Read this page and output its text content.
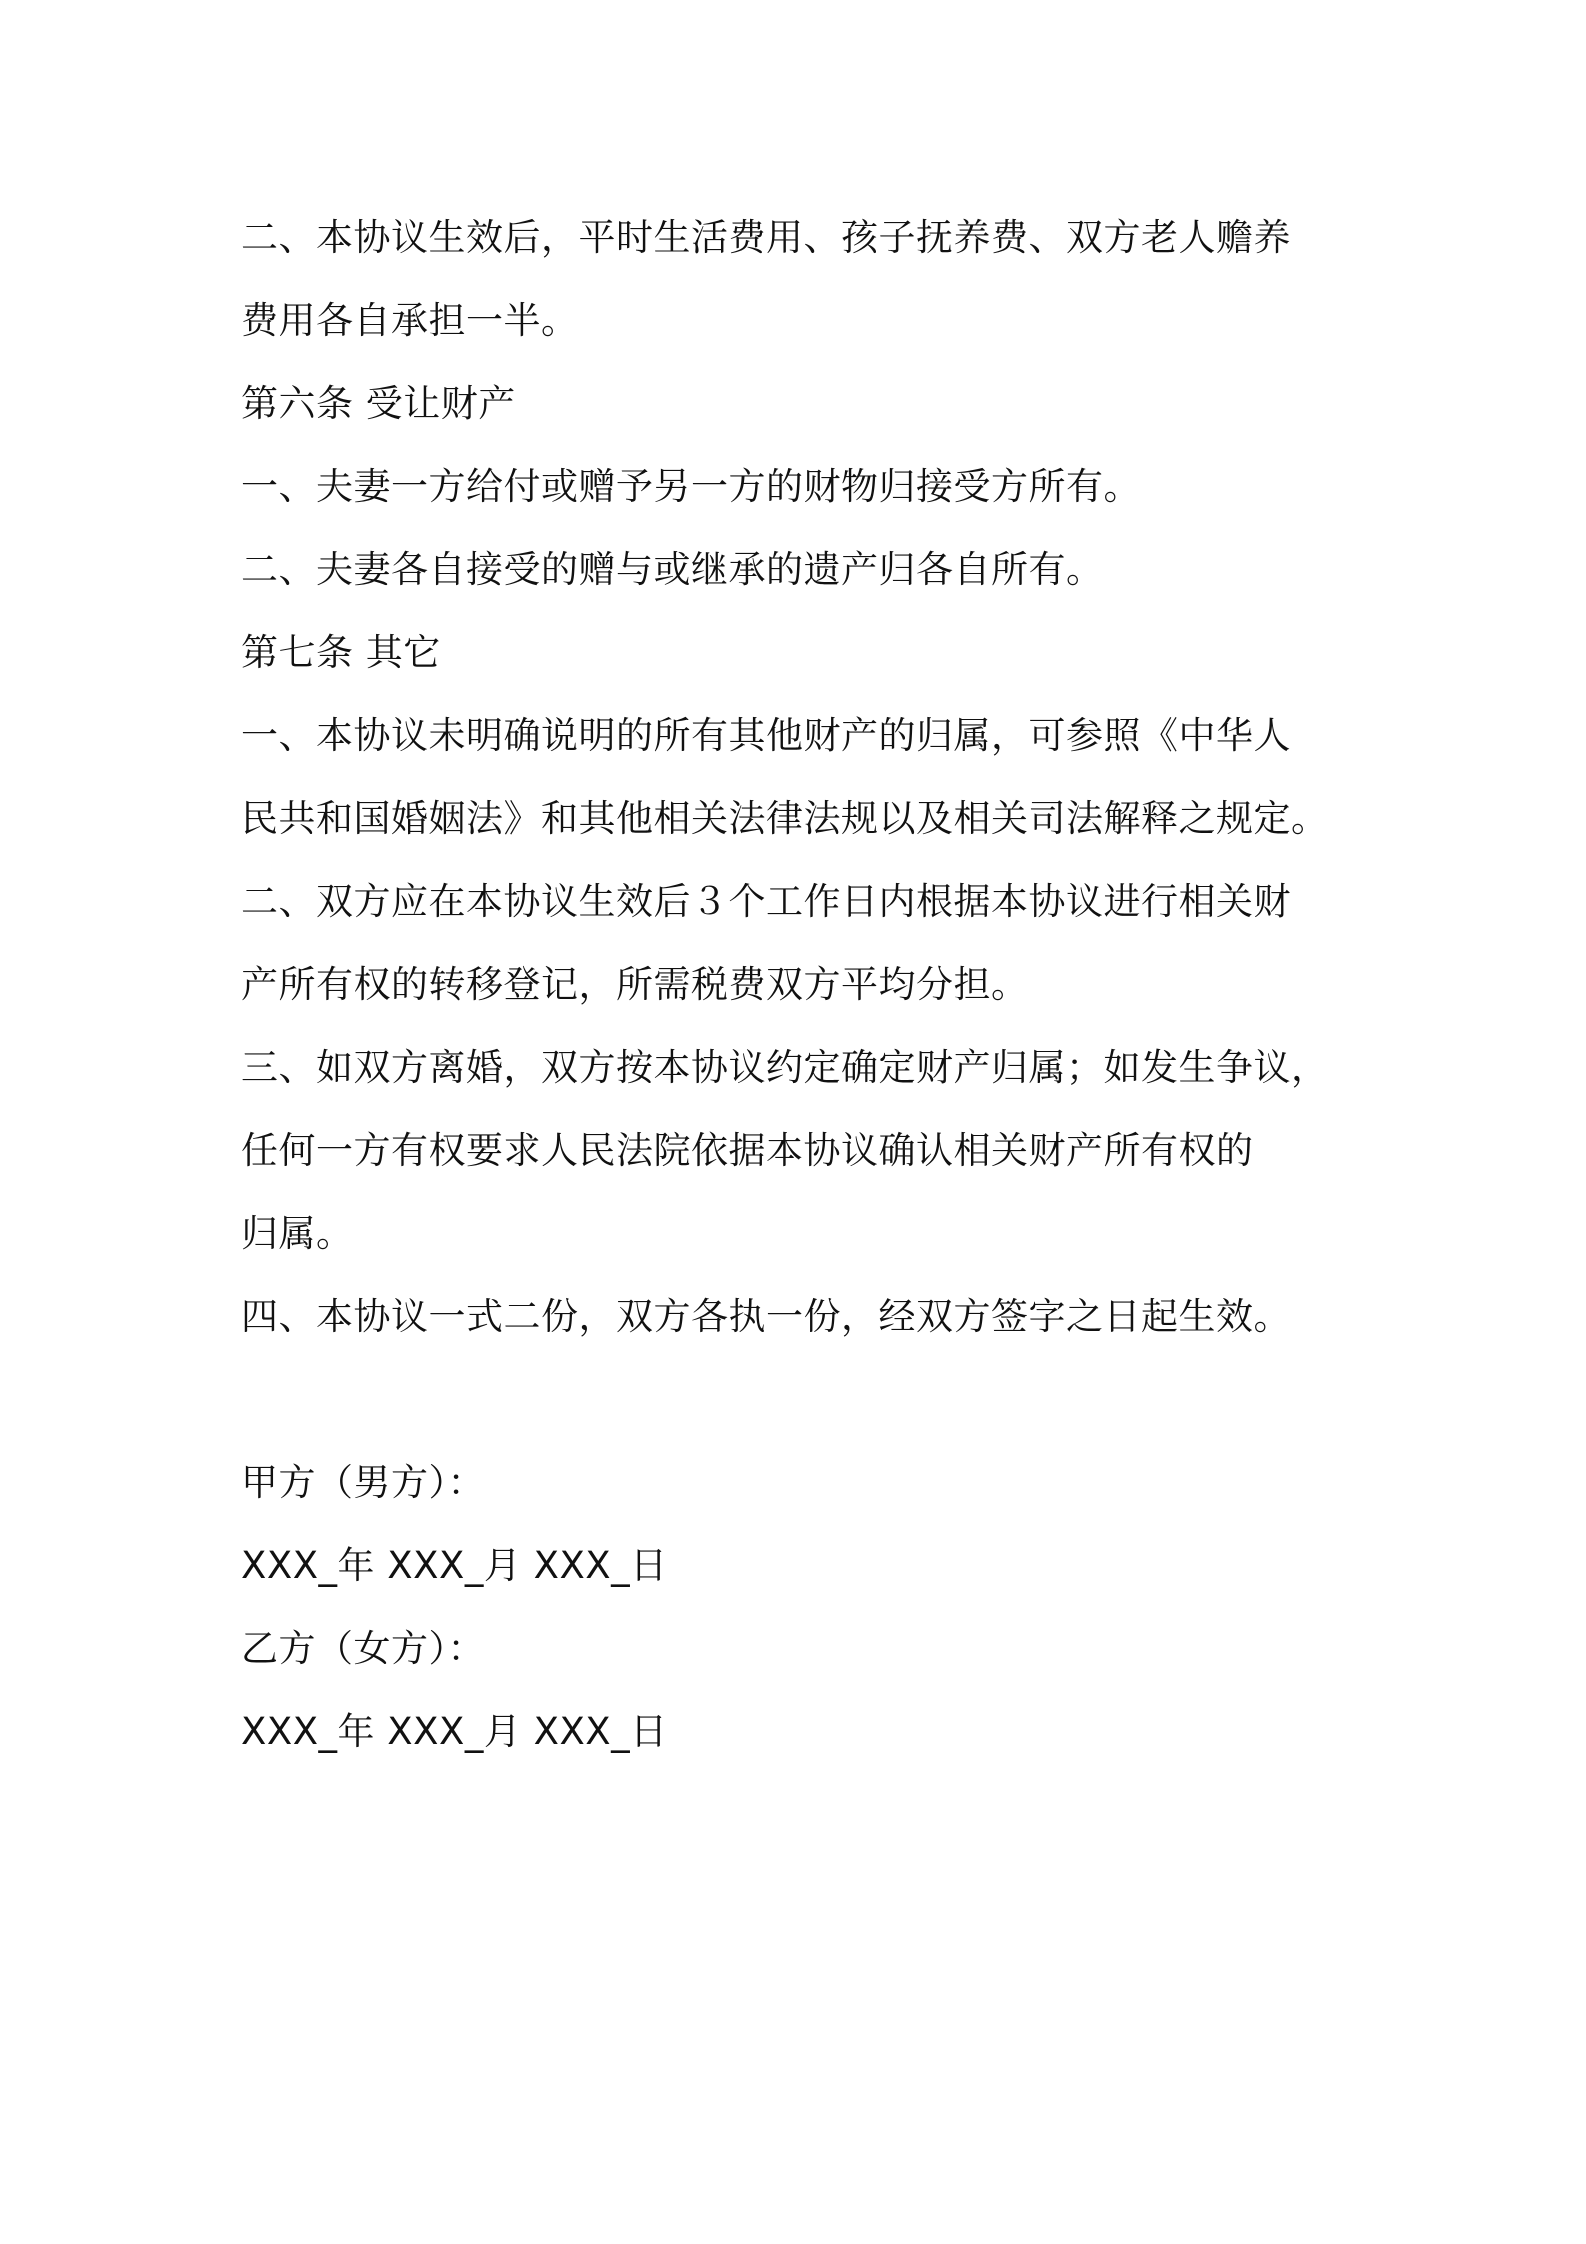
二、本协议生效后，平时生活费用、孩子抚养费、双方老人赡养
费用各自承担一半。
第六条 受让财产
一、夫妻一方给付或赠予另一方的财物归接受方所有。
二、夫妻各自接受的赠与或继承的遗产归各自所有。
第七条 其它
一、本协议未明确说明的所有其他财产的归属，可参照《中华人
民共和国婚姻法》和其他相关法律法规以及相关司法解释之规定。
二、双方应在本协议生效后３个工作日内根据本协议进行相关财
产所有权的转移登记，所需税费双方平均分担。
三、如双方离婚，双方按本协议约定确定财产归属；如发生争议，
任何一方有权要求人民法院依据本协议确认相关财产所有权的
归属。
四、本协议一式二份，双方各执一份，经双方签字之日起生效。
甲方（男方）：
XXX_年 XXX_月 XXX_日
乙方（女方）：
XXX_年 XXX_月 XXX_日
